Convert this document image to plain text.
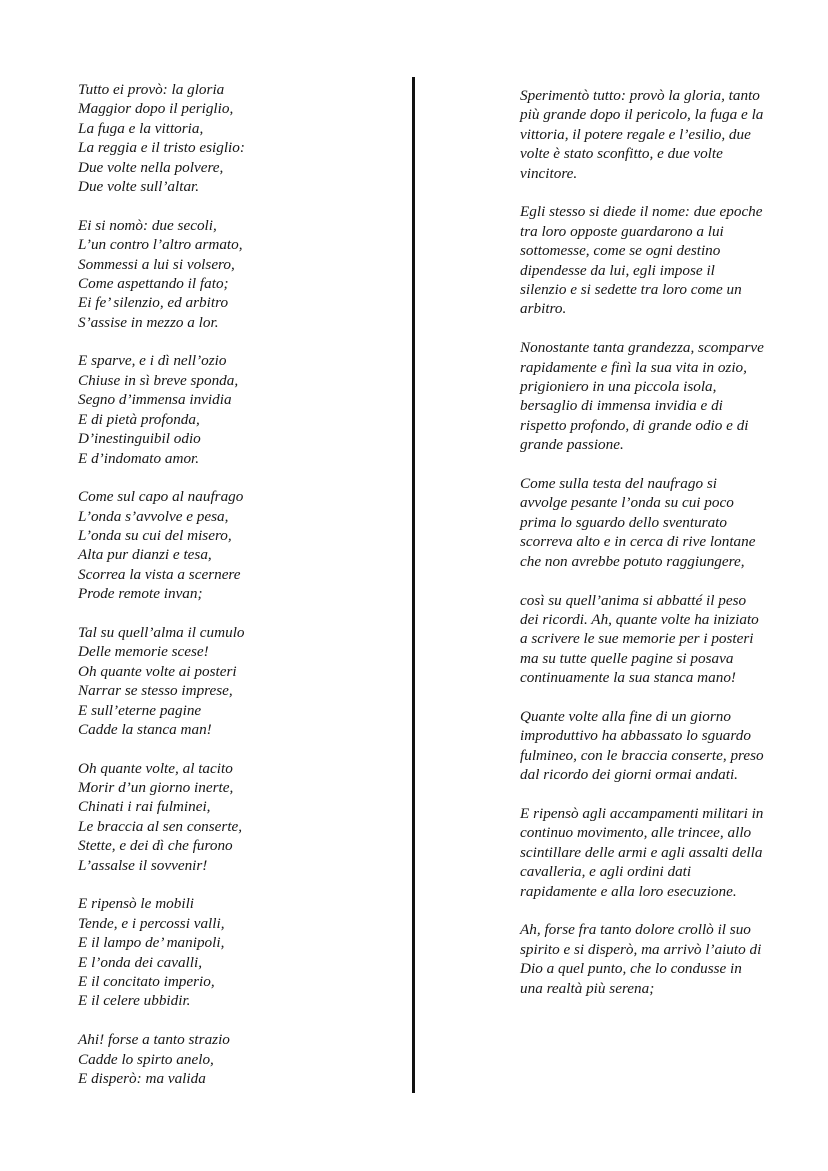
Tutto ei provò: la gloria
Maggior dopo il periglio,
La fuga e la vittoria,
La reggia e il tristo esiglio:
Due volte nella polvere,
Due volte sull’altar.
Ei si nomò: due secoli,
L’un contro l’altro armato,
Sommessi a lui si volsero,
Come aspettando il fato;
Ei fe’ silenzio, ed arbitro
S’assise in mezzo a lor.
E sparve, e i dì nell’ozio
Chiuse in sì breve sponda,
Segno d’immensa invidia
E di pietà profonda,
D’inestinguibil odio
E d’indomato amor.
Come sul capo al naufrago
L’onda s’avvolve e pesa,
L’onda su cui del misero,
Alta pur dianzi e tesa,
Scorrea la vista a scernere
Prode remote invan;
Tal su quell’alma il cumulo
Delle memorie scese!
Oh quante volte ai posteri
Narrar se stesso imprese,
E sull’eterne pagine
Cadde la stanca man!
Oh quante volte, al tacito
Morir d’un giorno inerte,
Chinati i rai fulminei,
Le braccia al sen conserte,
Stette, e dei dì che furono
L’assalse il sovvenir!
E ripensò le mobili
Tende, e i percossi valli,
E il lampo de’ manipoli,
E l’onda dei cavalli,
E il concitato imperio,
E il celere ubbidir.
Ahi! forse a tanto strazio
Cadde lo spirto anelo,
E disperò: ma valida

Sperimentò tutto: provò la gloria, tanto più grande dopo il pericolo, la fuga e la vittoria, il potere regale e l’esilio, due volte è stato sconfitto, e due volte vincitore.

Egli stesso si diede il nome: due epoche tra loro opposte guardarono a lui sottomesse, come se ogni destino dipendesse da lui, egli impose il silenzio e si sedette tra loro come un arbitro.

Nonostante tanta grandezza, scomparve rapidamente e finì la sua vita in ozio, prigioniero in una piccola isola, bersaglio di immensa invidia e di rispetto profondo, di grande odio e di grande passione.

Come sulla testa del naufrago si avvolge pesante l’onda su cui poco prima lo sguardo dello sventurato scorreva alto e in cerca di rive lontane che non avrebbe potuto raggiungere,

così su quell’anima si abbatté il peso dei ricordi. Ah, quante volte ha iniziato a scrivere le sue memorie per i posteri ma su tutte quelle pagine si posava continuamente la sua stanca mano!

Quante volte alla fine di un giorno improduttivo ha abbassato lo sguardo fulmineo, con le braccia conserte, preso dal ricordo dei giorni ormai andati.

E ripensò agli accampamenti militari in continuo movimento, alle trincee, allo scintillare delle armi e agli assalti della cavalleria, e agli ordini dati rapidamente e alla loro esecuzione.

Ah, forse fra tanto dolore crollò il suo spirito e si disperò, ma arrivò l’aiuto di Dio a quel punto, che lo condusse in una realtà più serena;
